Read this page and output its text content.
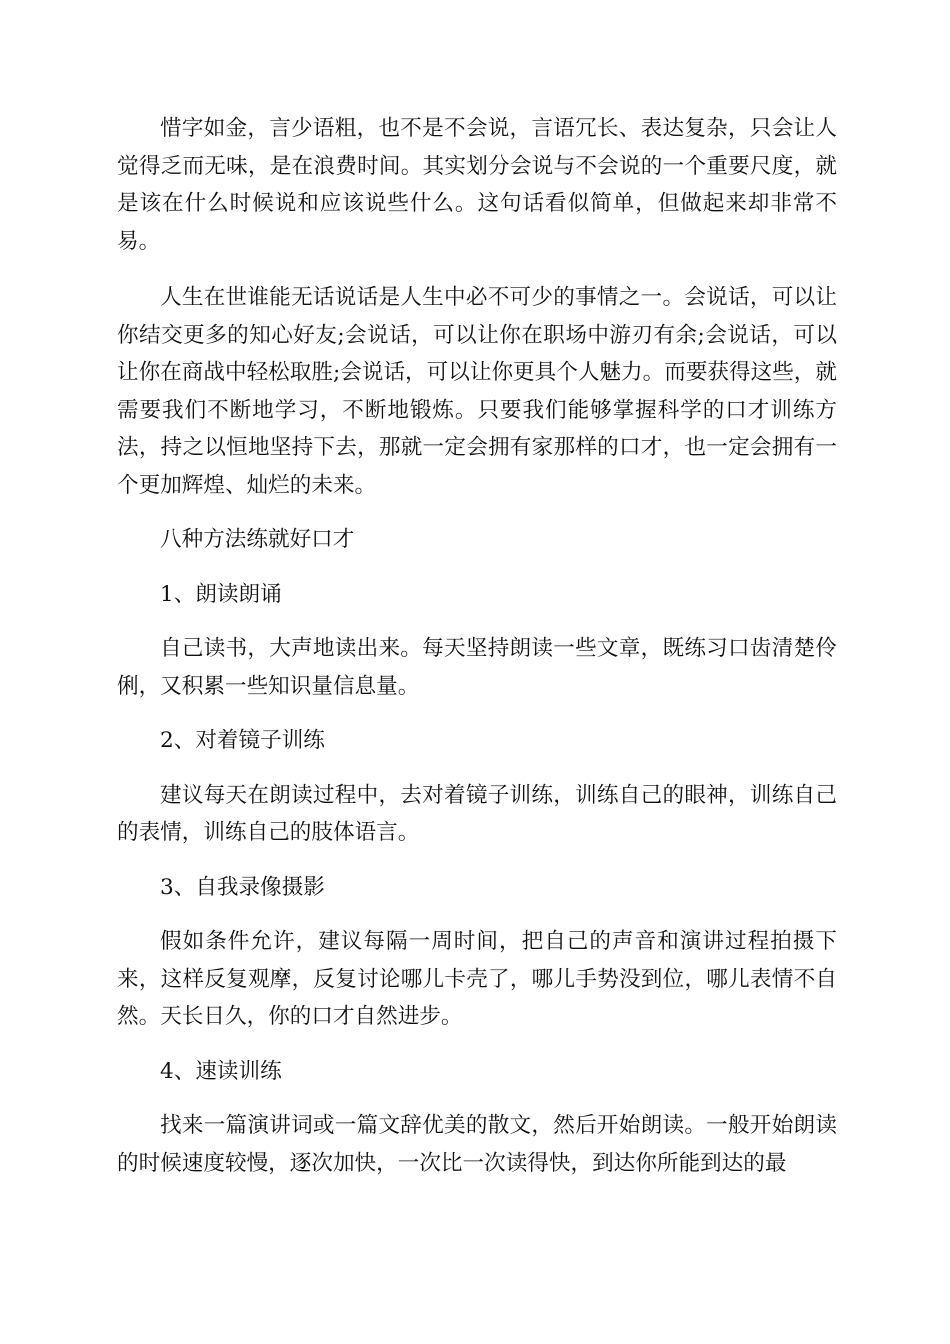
惜字如金，言少语粗，也不是不会说，言语冗长、表达复杂，只会让人觉得乏而无味，是在浪费时间。其实划分会说与不会说的一个重要尺度，就是该在什么时候说和应该说些什么。这句话看似简单，但做起来却非常不易。

人生在世谁能无话说话是人生中必不可少的事情之一。会说话，可以让你结交更多的知心好友;会说话，可以让你在职场中游刃有余;会说话，可以让你在商战中轻松取胜;会说话，可以让你更具个人魅力。而要获得这些，就需要我们不断地学习，不断地锻炼。只要我们能够掌握科学的口才训练方法，持之以恒地坚持下去，那就一定会拥有家那样的口才，也一定会拥有一个更加辉煌、灿烂的未来。

八种方法练就好口才

1、朗读朗诵

自己读书，大声地读出来。每天坚持朗读一些文章，既练习口齿清楚伶俐，又积累一些知识量信息量。

2、对着镜子训练

建议每天在朗读过程中，去对着镜子训练，训练自己的眼神，训练自己的表情，训练自己的肢体语言。

3、自我录像摄影

假如条件允许，建议每隔一周时间，把自己的声音和演讲过程拍摄下来，这样反复观摩，反复讨论哪儿卡壳了，哪儿手势没到位，哪儿表情不自然。天长日久，你的口才自然进步。

4、速读训练

找来一篇演讲词或一篇文辞优美的散文，然后开始朗读。一般开始朗读的时候速度较慢，逐次加快，一次比一次读得快，到达你所能到达的最
